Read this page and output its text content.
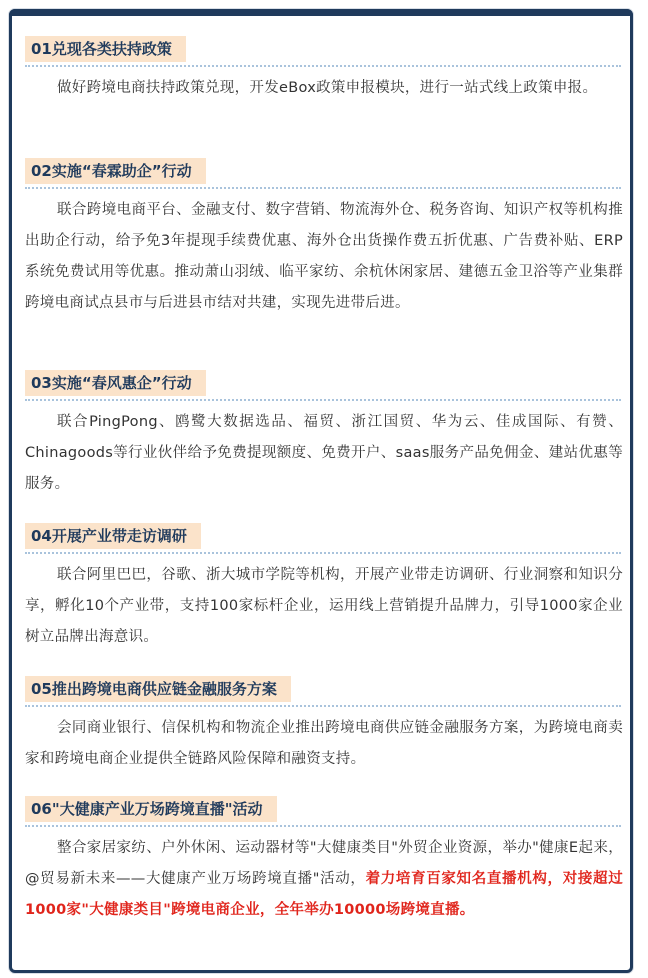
01兑现各类扶持政策

做好跨境电商扶持政策兑现，开发eBox政策申报模块，进行一站式线上政策申报。

02实施“春霖助企”行动

联合跨境电商平台、金融支付、数字营销、物流海外仓、税务咨询、知识产权等机构推出助企行动，给予免3年提现手续费优惠、海外仓出货操作费五折优惠、广告费补贴、ERP系统免费试用等优惠。推动萧山羽绒、临平家纺、余杭休闲家居、建德五金卫浴等产业集群跨境电商试点县市与后进县市结对共建，实现先进带后进。

03实施“春风惠企”行动

联合PingPong、鸥鹭大数据选品、福贸、浙江国贸、华为云、佳成国际、有赞、Chinagoods等行业伙伴给予免费提现额度、免费开户、saas服务产品免佣金、建站优惠等服务。

04开展产业带走访调研

联合阿里巴巴，谷歌、浙大城市学院等机构，开展产业带走访调研、行业洞察和知识分享，孵化10个产业带，支持100家标杆企业，运用线上营销提升品牌力，引导1000家企业树立品牌出海意识。

05推出跨境电商供应链金融服务方案

会同商业银行、信保机构和物流企业推出跨境电商供应链金融服务方案，为跨境电商卖家和跨境电商企业提供全链路风险保障和融资支持。

06"大健康产业万场跨境直播"活动

整合家居家纺、户外休闲、运动器材等"大健康类目"外贸企业资源，举办"健康E起来，@贸易新未来——大健康产业万场跨境直播"活动，着力培育百家知名直播机构，对接超过1000家"大健康类目"跨境电商企业，全年举办10000场跨境直播。
